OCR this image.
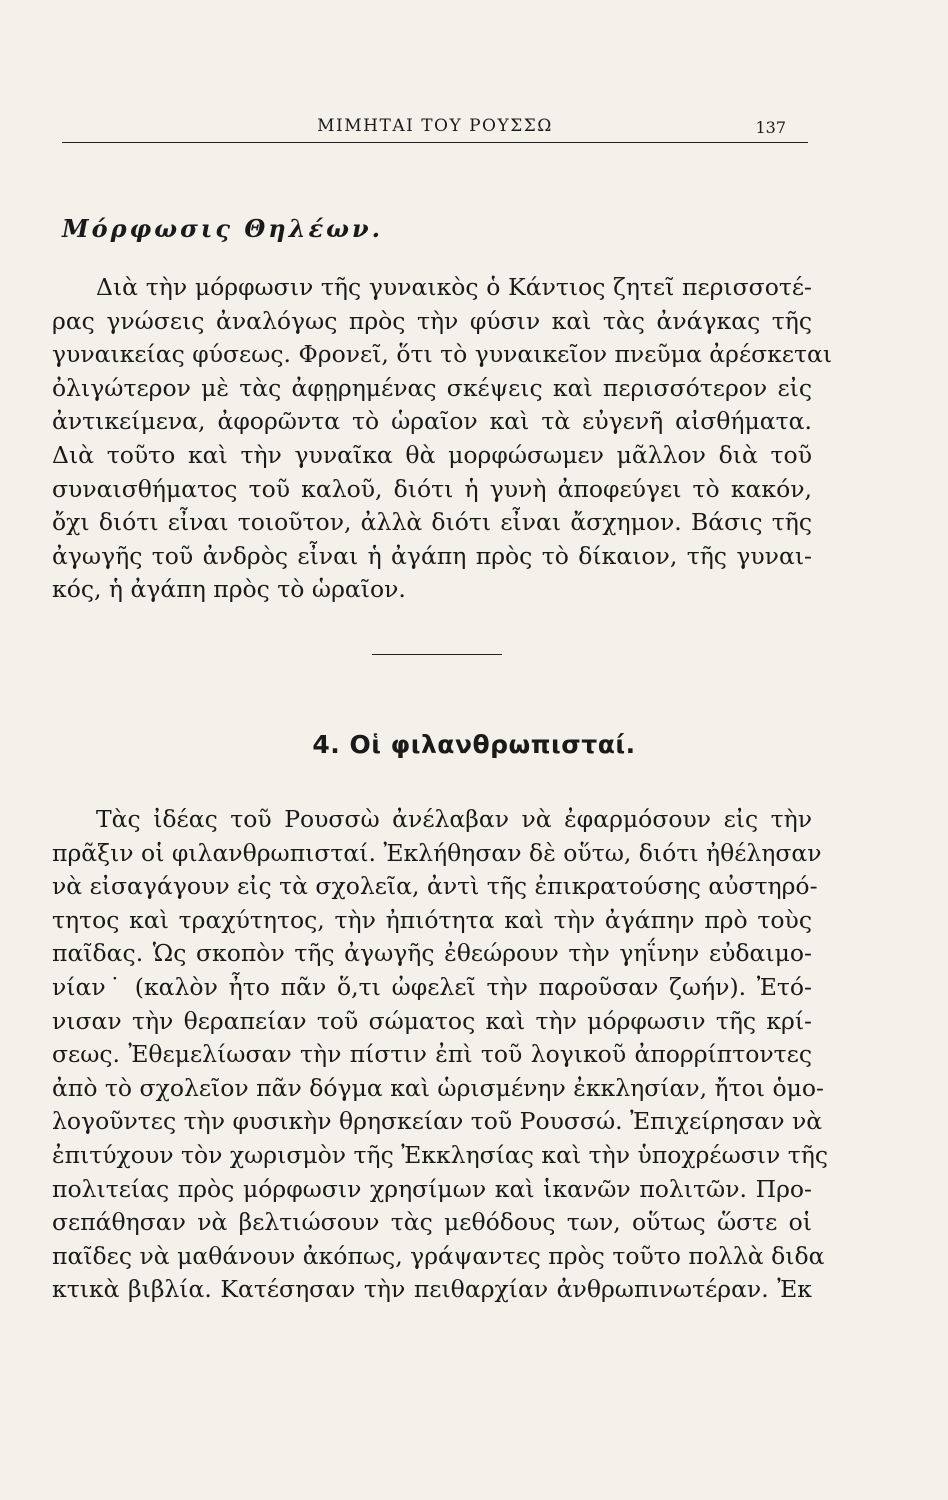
ΜΙΜΗΤΑΙ ΤΟΥ ΡΟΥΣΣΩ	137
Μόρφωσις Θηλέων.
Διὰ τὴν μόρφωσιν τῆς γυναικὸς ὁ Κάντιος ζητεῖ περισσοτέ-
ρας γνώσεις ἀναλόγως πρὸς τὴν φύσιν καὶ τὰς ἀνάγκας τῆς
γυναικείας φύσεως. Φρονεῖ, ὅτι τὸ γυναικεῖον πνεῦμα ἀρέσκεται
ὀλιγώτερον μὲ τὰς ἀφῃρημένας σκέψεις καὶ περισσότερον εἰς
ἀντικείμενα, ἀφορῶντα τὸ ὡραῖον καὶ τὰ εὐγενῆ αἰσθήματα.
Διὰ τοῦτο καὶ τὴν γυναῖκα θὰ μορφώσωμεν μᾶλλον διὰ τοῦ
συναισθήματος τοῦ καλοῦ, διότι ἡ γυνὴ ἀποφεύγει τὸ κακόν,
ὄχι διότι εἶναι τοιοῦτον, ἀλλὰ διότι εἶναι ἄσχημον. Βάσις τῆς
ἀγωγῆς τοῦ ἀνδρὸς εἶναι ἡ ἀγάπη πρὸς τὸ δίκαιον, τῆς γυναι-
κός, ἡ ἀγάπη πρὸς τὸ ὡραῖον.
4. Οἱ φιλανθρωπισταί.
Τὰς ἰδέας τοῦ Ρουσσὼ ἀνέλαβαν νὰ ἐφαρμόσουν εἰς τὴν
πρᾶξιν οἱ φιλανθρωπισταί. Ἐκλήθησαν δὲ οὕτω, διότι ἠθέλησαν
νὰ εἰσαγάγουν εἰς τὰ σχολεῖα, ἀντὶ τῆς ἐπικρατούσης αὐστηρό-
τητος καὶ τραχύτητος, τὴν ἠπιότητα καὶ τὴν ἀγάπην πρὸ τοὺς
παῖδας. Ὡς σκοπὸν τῆς ἀγωγῆς ἐθεώρουν τὴν γηΐνην εὐδαιμο-
νίαν˙ (καλὸν ἦτο πᾶν ὅ,τι ὠφελεῖ τὴν παροῦσαν ζωήν). Ἐτό-
νισαν τὴν θεραπείαν τοῦ σώματος καὶ τὴν μόρφωσιν τῆς κρί-
σεως. Ἐθεμελίωσαν τὴν πίστιν ἐπὶ τοῦ λογικοῦ ἀπορρίπτοντες
ἀπὸ τὸ σχολεῖον πᾶν δόγμα καὶ ὡρισμένην ἐκκλησίαν, ἤτοι ὁμο-
λογοῦντες τὴν φυσικὴν θρησκείαν τοῦ Ρουσσώ. Ἐπιχείρησαν νὰ
ἐπιτύχουν τὸν χωρισμὸν τῆς Ἐκκλησίας καὶ τὴν ὑποχρέωσιν τῆς
πολιτείας πρὸς μόρφωσιν χρησίμων καὶ ἱκανῶν πολιτῶν. Προ-
σεπάθησαν νὰ βελτιώσουν τὰς μεθόδους των, οὕτως ὥστε οἱ
παῖδες νὰ μαθάνουν ἀκόπως, γράψαντες πρὸς τοῦτο πολλὰ διδα
κτικὰ βιβλία. Κατέσησαν τὴν πειθαρχίαν ἀνθρωπινωτέραν. Ἐκ
